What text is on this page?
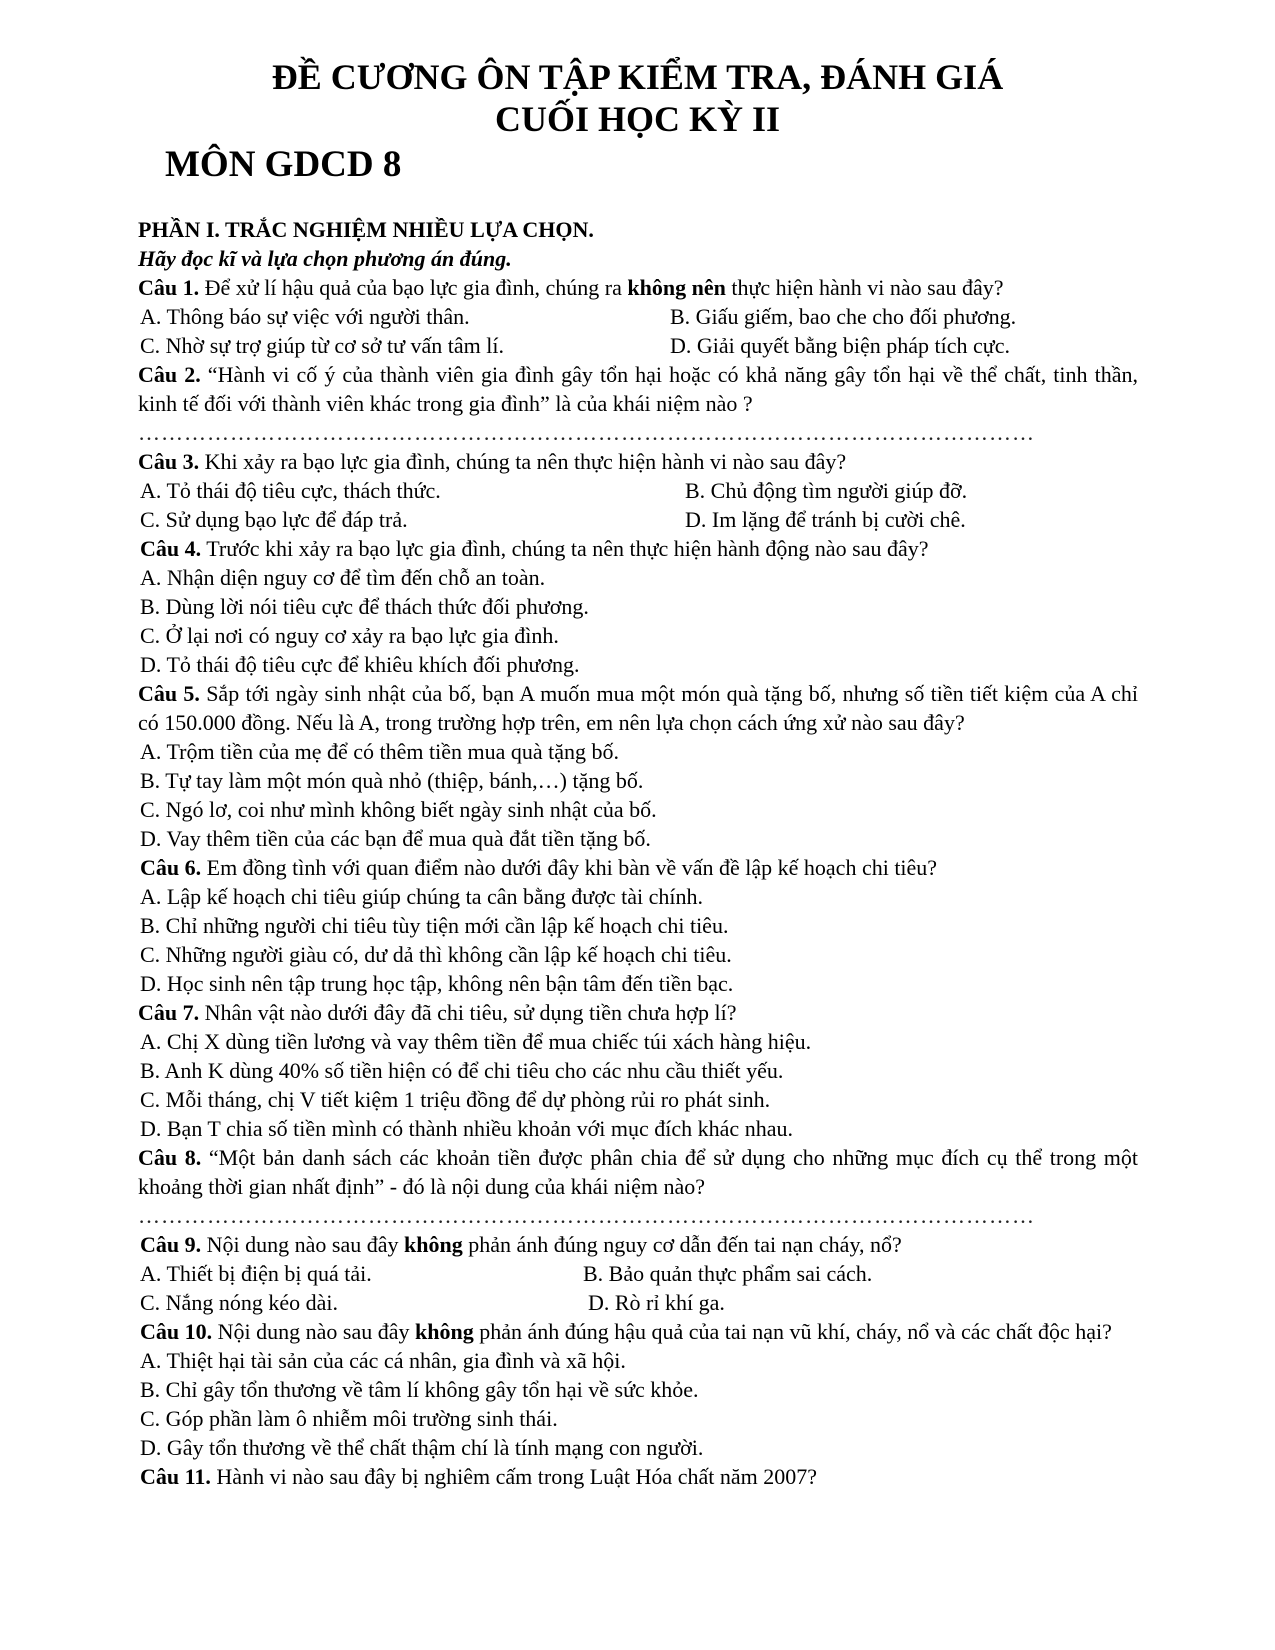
ĐỀ CƯƠNG ÔN TẬP KIỂM TRA, ĐÁNH GIÁ
CUỐI HỌC KỲ II
MÔN GDCD 8
PHẦN I. TRẮC NGHIỆM NHIỀU LỰA CHỌN.
Hãy đọc kĩ và lựa chọn phương án đúng.
Câu 1. Để xử lí hậu quả của bạo lực gia đình, chúng ra không nên thực hiện hành vi nào sau đây?
A. Thông báo sự việc với người thân.	B. Giấu giếm, bao che cho đối phương.
C. Nhờ sự trợ giúp từ cơ sở tư vấn tâm lí.	D. Giải quyết bằng biện pháp tích cực.
Câu 2. “Hành vi cố ý của thành viên gia đình gây tổn hại hoặc có khả năng gây tổn hại về thể chất, tinh thần, kinh tế đối với thành viên khác trong gia đình” là của khái niệm nào ?
………………………………………………………………………………………………………
Câu 3. Khi xảy ra bạo lực gia đình, chúng ta nên thực hiện hành vi nào sau đây?
A. Tỏ thái độ tiêu cực, thách thức.	B. Chủ động tìm người giúp đỡ.
C. Sử dụng bạo lực để đáp trả.	D. Im lặng để tránh bị cười chê.
Câu 4. Trước khi xảy ra bạo lực gia đình, chúng ta nên thực hiện hành động nào sau đây?
A. Nhận diện nguy cơ để tìm đến chỗ an toàn.
B. Dùng lời nói tiêu cực để thách thức đối phương.
C. Ở lại nơi có nguy cơ xảy ra bạo lực gia đình.
D. Tỏ thái độ tiêu cực để khiêu khích đối phương.
Câu 5. Sắp tới ngày sinh nhật của bố, bạn A muốn mua một món quà tặng bố, nhưng số tiền tiết kiệm của A chỉ có 150.000 đồng. Nếu là A, trong trường hợp trên, em nên lựa chọn cách ứng xử nào sau đây?
A. Trộm tiền của mẹ để có thêm tiền mua quà tặng bố.
B. Tự tay làm một món quà nhỏ (thiệp, bánh,…) tặng bố.
C. Ngó lơ, coi như mình không biết ngày sinh nhật của bố.
D. Vay thêm tiền của các bạn để mua quà đắt tiền tặng bố.
Câu 6. Em đồng tình với quan điểm nào dưới đây khi bàn về vấn đề lập kế hoạch chi tiêu?
A. Lập kế hoạch chi tiêu giúp chúng ta cân bằng được tài chính.
B. Chỉ những người chi tiêu tùy tiện mới cần lập kế hoạch chi tiêu.
C. Những người giàu có, dư dả thì không cần lập kế hoạch chi tiêu.
D. Học sinh nên tập trung học tập, không nên bận tâm đến tiền bạc.
Câu 7. Nhân vật nào dưới đây đã chi tiêu, sử dụng tiền chưa hợp lí?
A. Chị X dùng tiền lương và vay thêm tiền để mua chiếc túi xách hàng hiệu.
B. Anh K dùng 40% số tiền hiện có để chi tiêu cho các nhu cầu thiết yếu.
C. Mỗi tháng, chị V tiết kiệm 1 triệu đồng để dự phòng rủi ro phát sinh.
D. Bạn T chia số tiền mình có thành nhiều khoản với mục đích khác nhau.
Câu 8. “Một bản danh sách các khoản tiền được phân chia để sử dụng cho những mục đích cụ thể trong một khoảng thời gian nhất định” - đó là nội dung của khái niệm nào?
………………………………………………………………………………………………………
Câu 9. Nội dung nào sau đây không phản ánh đúng nguy cơ dẫn đến tai nạn cháy, nổ?
A. Thiết bị điện bị quá tải.	B. Bảo quản thực phẩm sai cách.
C. Nắng nóng kéo dài.	D. Rò rỉ khí ga.
Câu 10. Nội dung nào sau đây không phản ánh đúng hậu quả của tai nạn vũ khí, cháy, nổ và các chất độc hại?
A. Thiệt hại tài sản của các cá nhân, gia đình và xã hội.
B. Chỉ gây tổn thương về tâm lí không gây tổn hại về sức khỏe.
C. Góp phần làm ô nhiễm môi trường sinh thái.
D. Gây tổn thương về thể chất thậm chí là tính mạng con người.
Câu 11. Hành vi nào sau đây bị nghiêm cấm trong Luật Hóa chất năm 2007?
